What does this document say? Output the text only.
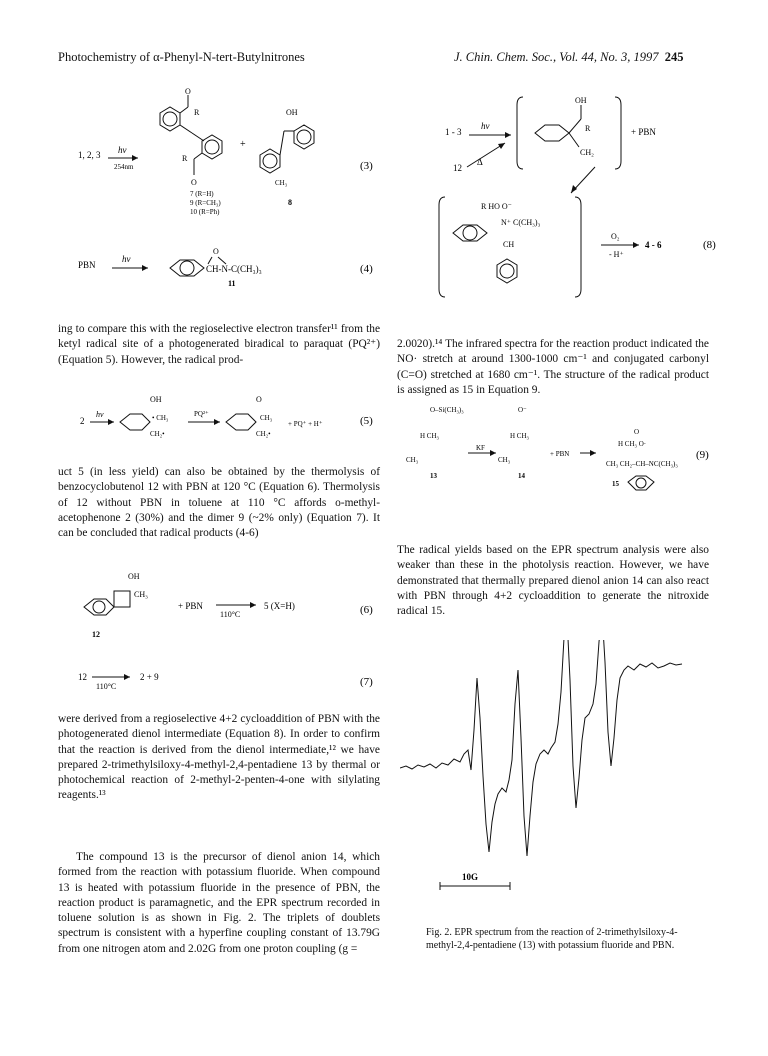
Photochemistry of α-Phenyl-N-tert-Butylnitrones	J. Chin. Chem. Soc., Vol. 44, No. 3, 1997 245
1, 2, 3 hν
254nm
O
R
R
O
7 (R=H)
9 (R=CH₃)
10 (R=Ph)
+
CH₃
OH
8
(3)
PBN
hν
O
CH-N-C(CH₃)₃
11
(4)
1 - 3
hν
12
Δ
OH
R
CH₂
+ PBN
R HO O⁻
N⁺ C(CH₃)₃
CH
O₂
- H⁺
4 - 6	(8)
ing to compare this with the regioselective electron transfer¹¹ from the ketyl radical site of a photogenerated biradical to paraquat (PQ²⁺) (Equation 5). However, the radical prod-
2.0020).¹⁴ The infrared spectra for the reaction product indicated the NO· stretch at around 1300-1000 cm⁻¹ and conjugated carbonyl (C=O) stretched at 1680 cm⁻¹. The structure of the radical product is assigned as 15 in Equation 9.
2
hν
OH
• CH₃
CH₂•
PQ²⁺
O
CH₃
CH₂•
+ PQ⁺ + H⁺	(5)
O–Si(CH₃)₃
H CH₃
CH₃
13
KF
O⁻
H CH₃
CH₃
14
+ PBN
O
H CH₃ O·
CH₃ CH₂–CH–NC(CH₃)₃
15
(9)
uct 5 (in less yield) can also be obtained by the thermolysis of benzocyclobutenol 12 with PBN at 120 °C (Equation 6). Thermolysis of 12 without PBN in toluene at 110 °C affords o-methyl-acetophenone 2 (30%) and the dimer 9 (~2% only) (Equation 7). It can be concluded that radical products (4-6)
The radical yields based on the EPR spectrum analysis were also weaker than these in the photolysis reaction. However, we have demonstrated that thermally prepared dienol anion 14 can also react with PBN through 4+2 cycloaddition to generate the nitroxide radical 15.
OH
CH₃
12
+ PBN
110°C
5 (X=H)	(6)
12
110°C
2 + 9	(7)
were derived from a regioselective 4+2 cycloaddition of PBN with the photogenerated dienol intermediate (Equation 8). In order to confirm that the reaction is derived from the dienol intermediate,¹² we have prepared 2-trimethylsiloxy-4-methyl-2,4-pentadiene 13 by thermal or photochemical reaction of 2-methyl-2-penten-4-one with silylating reagents.¹³
The compound 13 is the precursor of dienol anion 14, which formed from the reaction with potassium fluoride. When compound 13 is heated with potassium fluoride in the presence of PBN, the reaction product is paramagnetic, and the EPR spectrum recorded in toluene solution is as shown in Fig. 2. The triplets of doublets spectrum is consistent with a hyperfine coupling constant of 13.79G from one nitrogen atom and 2.02G from one proton coupling (g =
10G
Fig. 2. EPR spectrum from the reaction of 2-trimethylsiloxy-4-methyl-2,4-pentadiene (13) with potassium fluoride and PBN.
